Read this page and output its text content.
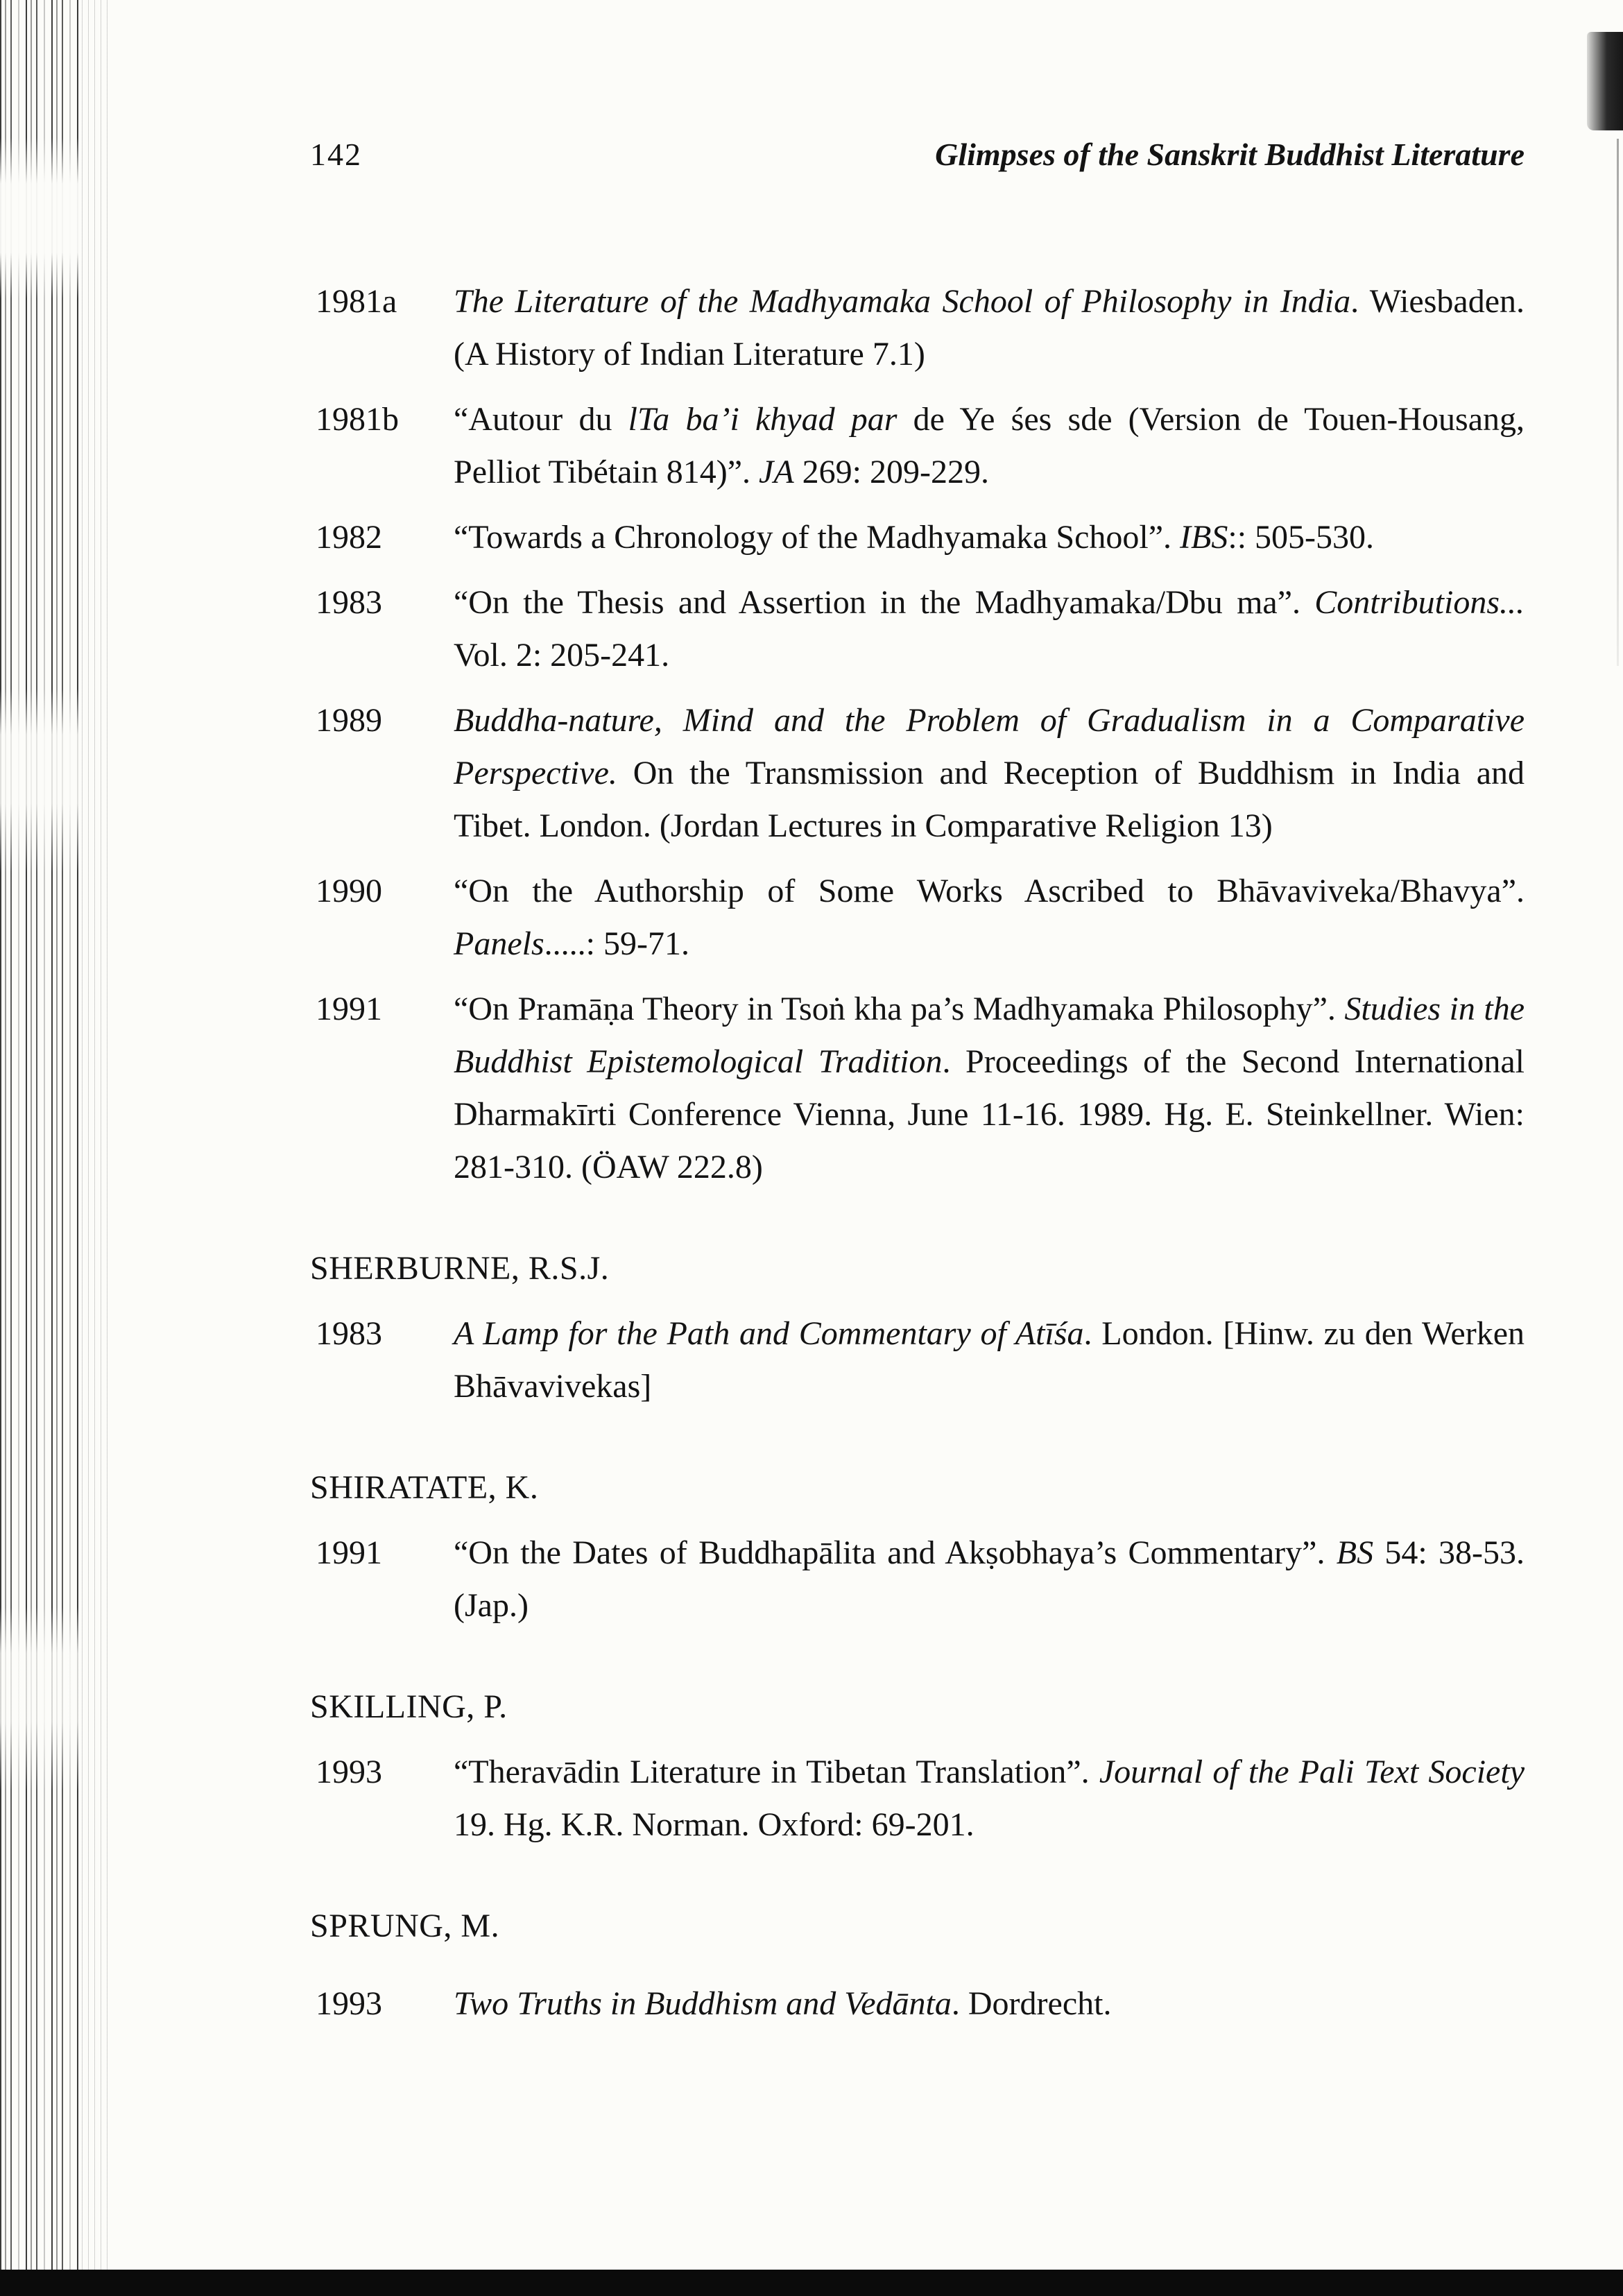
142	Glimpses of the Sanskrit Buddhist Literature
1981a The Literature of the Madhyamaka School of Philosophy in India. Wiesbaden. (A History of Indian Literature 7.1)
1981b “Autour du lTa ba’i khyad par de Ye śes sde (Version de Touen-Housang, Pelliot Tibétain 814)”. JA 269: 209-229.
1982 “Towards a Chronology of the Madhyamaka School”. IBS:: 505-530.
1983 “On the Thesis and Assertion in the Madhyamaka/Dbu ma”. Contributions... Vol. 2: 205-241.
1989 Buddha-nature, Mind and the Problem of Gradualism in a Comparative Perspective. On the Transmission and Reception of Buddhism in India and Tibet. London. (Jordan Lectures in Comparative Religion 13)
1990 “On the Authorship of Some Works Ascribed to Bhāvaviveka/Bhavya”. Panels.....: 59-71.
1991 “On Pramāṇa Theory in Tsoṅ kha pa’s Madhyamaka Philosophy”. Studies in the Buddhist Epistemological Tradition. Proceedings of the Second International Dharmakīrti Conference Vienna, June 11-16. 1989. Hg. E. Steinkellner. Wien: 281-310. (ÖAW 222.8)
SHERBURNE, R.S.J.
1983 A Lamp for the Path and Commentary of Atīśa. London. [Hinw. zu den Werken Bhāvavivekas]
SHIRATATE, K.
1991 “On the Dates of Buddhapālita and Akṣobhaya’s Commentary”. BS 54: 38-53. (Jap.)
SKILLING, P.
1993 “Theravādin Literature in Tibetan Translation”. Journal of the Pali Text Society 19. Hg. K.R. Norman. Oxford: 69-201.
SPRUNG, M.
1993 Two Truths in Buddhism and Vedānta. Dordrecht.
